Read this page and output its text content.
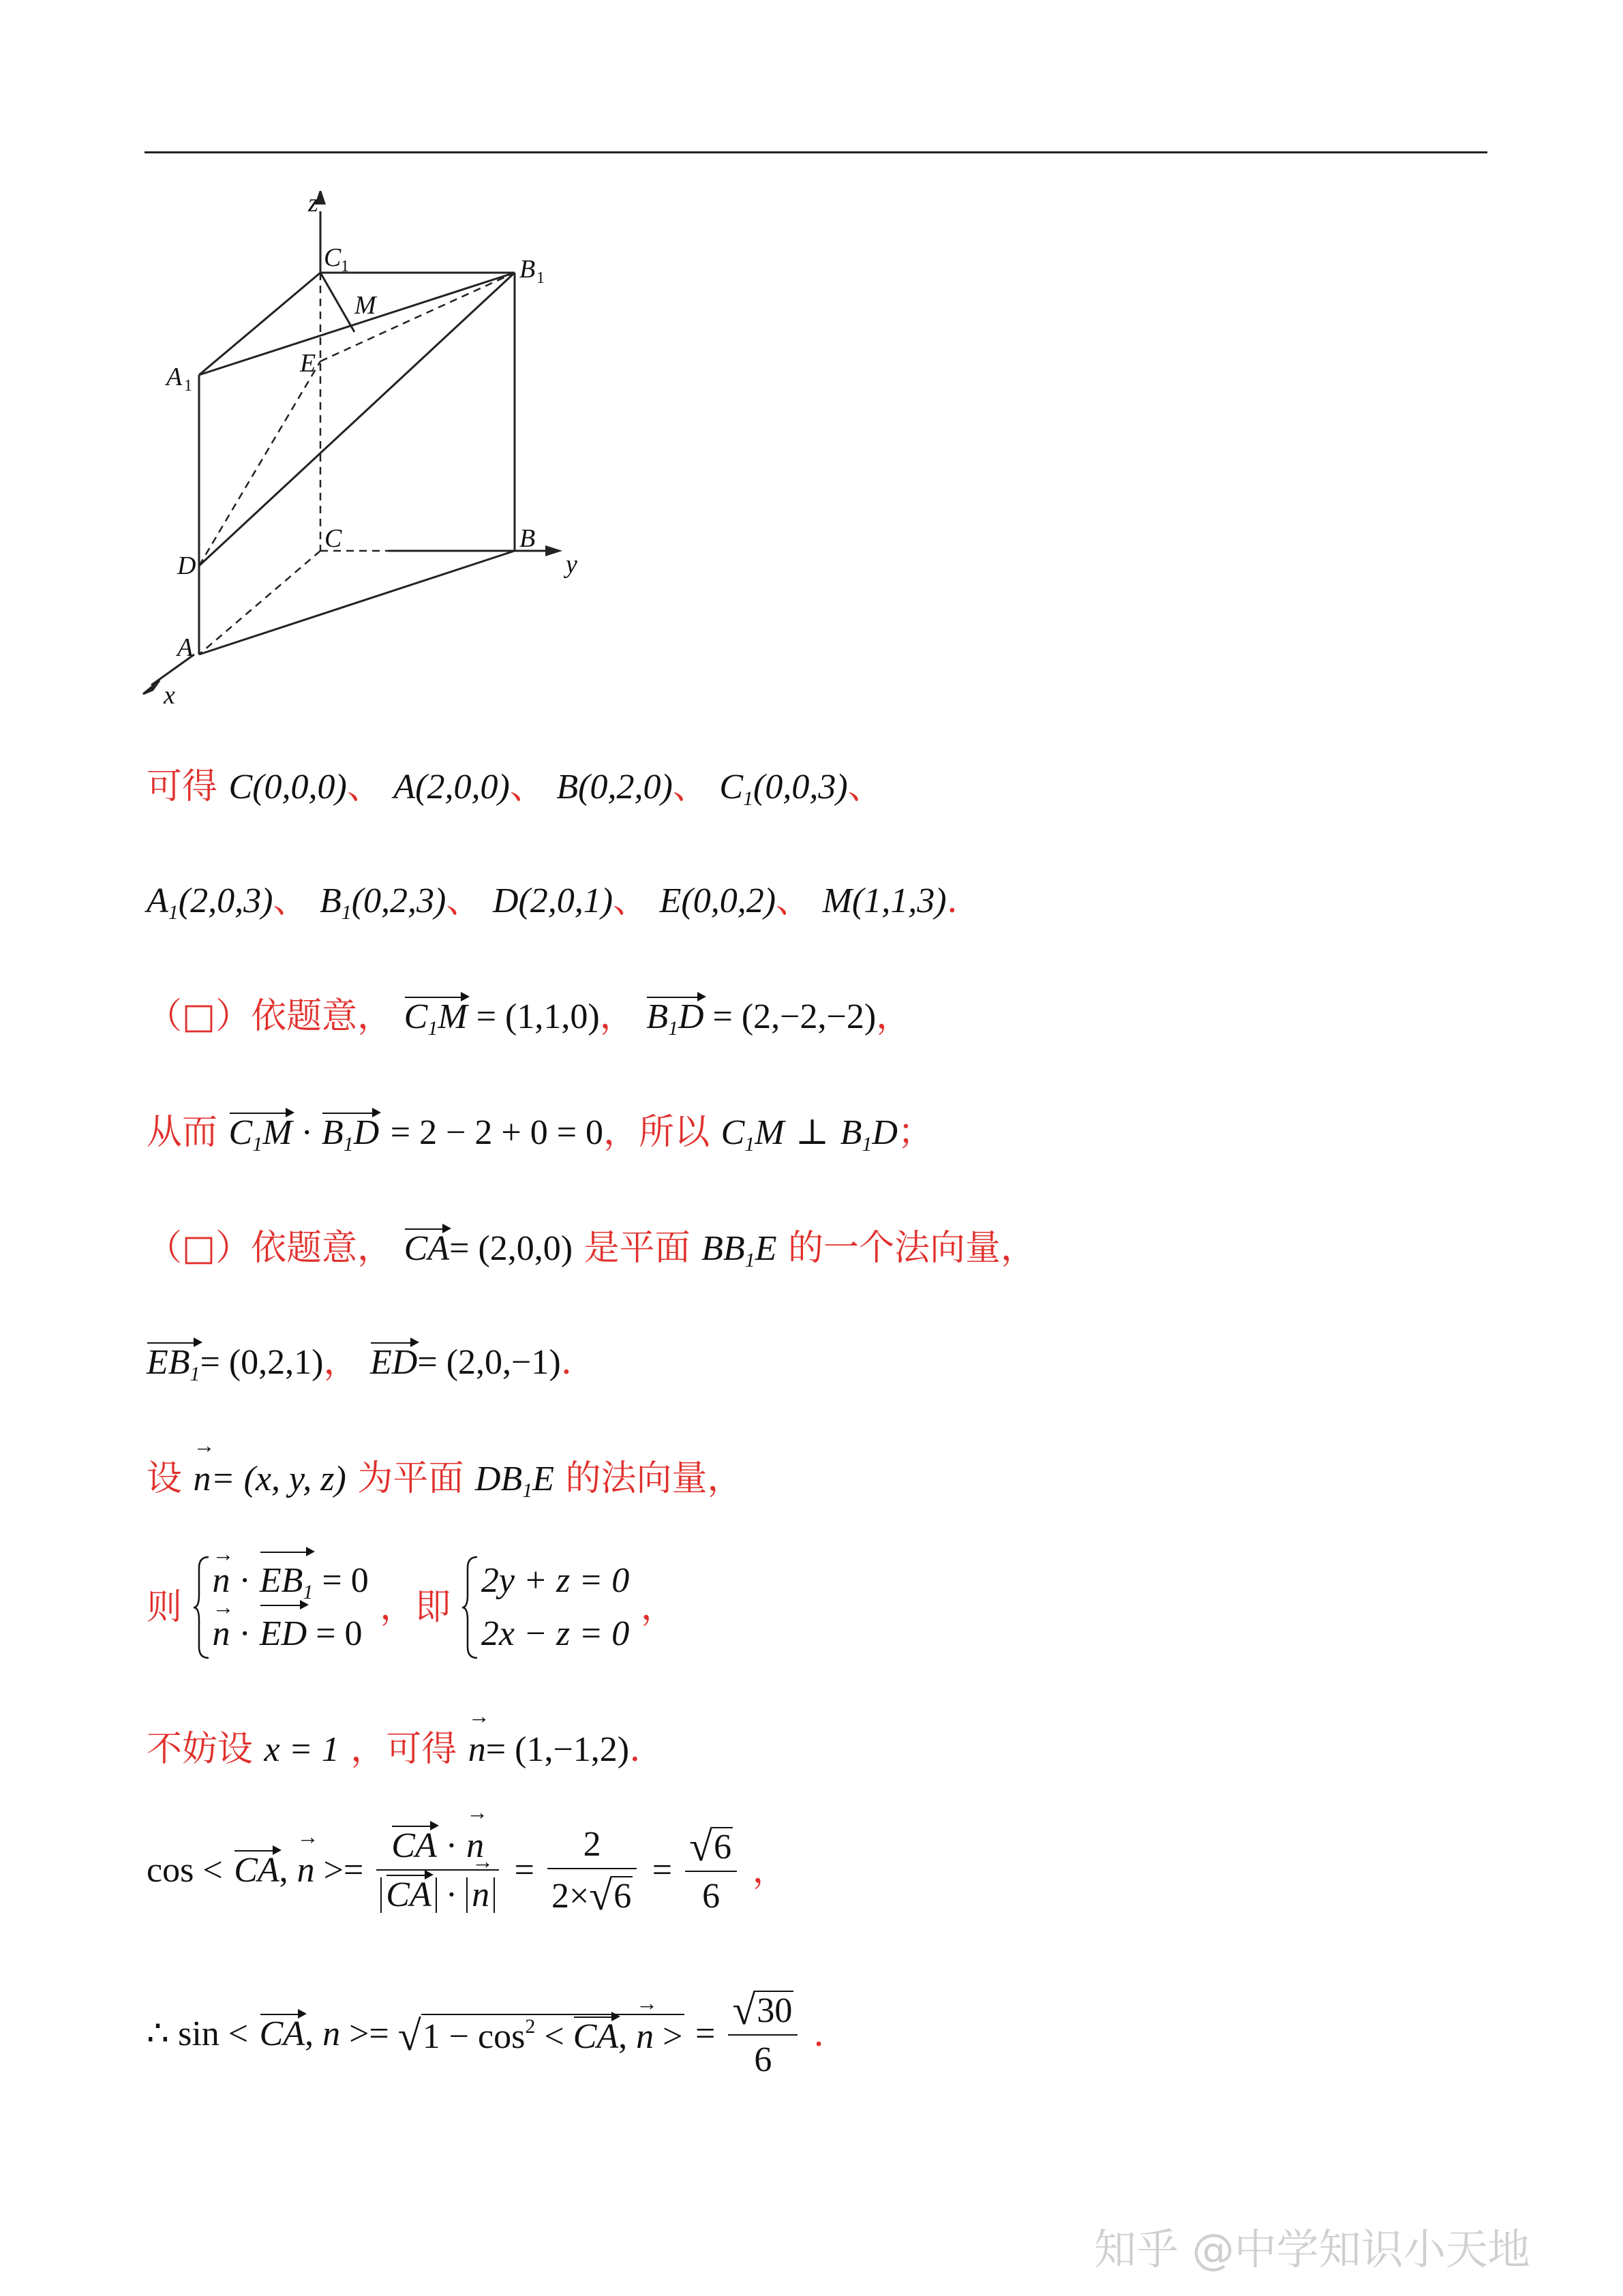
z
y
x
C 1	B 1
A 1
M
E
C	B
D
A
可得 C(0,0,0)、 A(2,0,0)、 B(0,2,0)、 $C_1(0,0,3)$、
$A_1(2,0,3)$、 $B_1(0,2,3)$、 D(2,0,1)、 E(0,0,2)、 M(1,1,3).
（□）依题意， $C_1M = (1,1,0)$， $B_1D = (2,-2,-2)$，
从而 $C_1M \cdot B_1D = 2 - 2 + 0 = 0$，所以 $C_1M$ ⊥ $B_1D$；
（□）依题意， CA= (2,0,0) 是平面 $BB_1E$ 的一个法向量，
$EB_1= (0,2,1)$， ED= (2,0,−1).
设 n →= (x, y, z) 为平面 $DB_1E$ 的法向量，
则
n → · $EB_1 = 0$
n → · ED = 0
，即
2y + z = 0
2x − z = 0
，
不妨设 x = 1 ，可得 n →= (1,−1,2).
cos < CA, n → >= $\frac{CA \cdot n \to}{CA \cdot n}$ → = $\frac{2}{2\times √ 6}$ = √ $\frac{6}{6}$ ，
∴ sin < CA, n >= √ $1 - \cos^2$ < CA, n → > = √ $\frac{30}{6}$ .
知乎 @中学知识小天地
